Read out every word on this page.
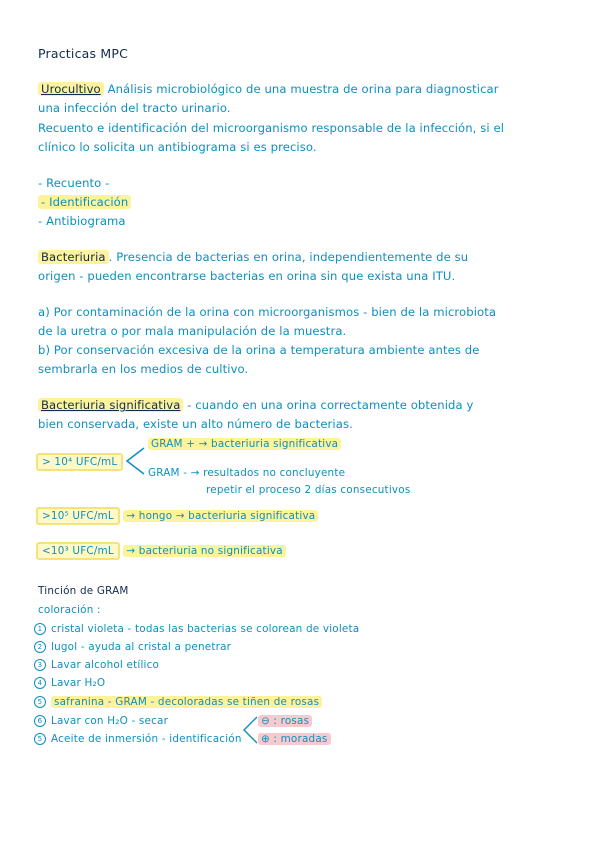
Practicas MPC
Urocultivo Análisis microbiológico de una muestra de orina para diagnosticar
una infección del tracto urinario.
Recuento e identificación del microorganismo responsable de la infección, si el
clínico lo solicita un antibiograma si es preciso.
- Recuento -
- Identificación
- Antibiograma
Bacteriuria . Presencia de bacterias en orina, independientemente de su
origen - pueden encontrarse bacterias en orina sin que exista una ITU.
a) Por contaminación de la orina con microorganismos - bien de la microbiota
de la uretra o por mala manipulación de la muestra.
b) Por conservación excesiva de la orina a temperatura ambiente antes de
sembrarla en los medios de cultivo.
Bacteriuria significativa - cuando en una orina correctamente obtenida y
bien conservada, existe un alto número de bacterias.
> 10⁴ UFC/mL
GRAM + → bacteriuria significativa
GRAM - → resultados no concluyente
repetir el proceso 2 días consecutivos
>10⁵ UFC/mL → hongo → bacteriuria significativa
<10³ UFC/mL → bacteriuria no significativa
Tinción de GRAM
coloración :
1 cristal violeta - todas las bacterias se colorean de violeta
2 lugol - ayuda al cristal a penetrar
3 Lavar alcohol etílico
4 Lavar H₂O
5 safranina - GRAM - decoloradas se tiñen de rosas
6 Lavar con H₂O - secar
5 Aceite de inmersión - identificación
⊖ : rosas
⊕ : moradas
